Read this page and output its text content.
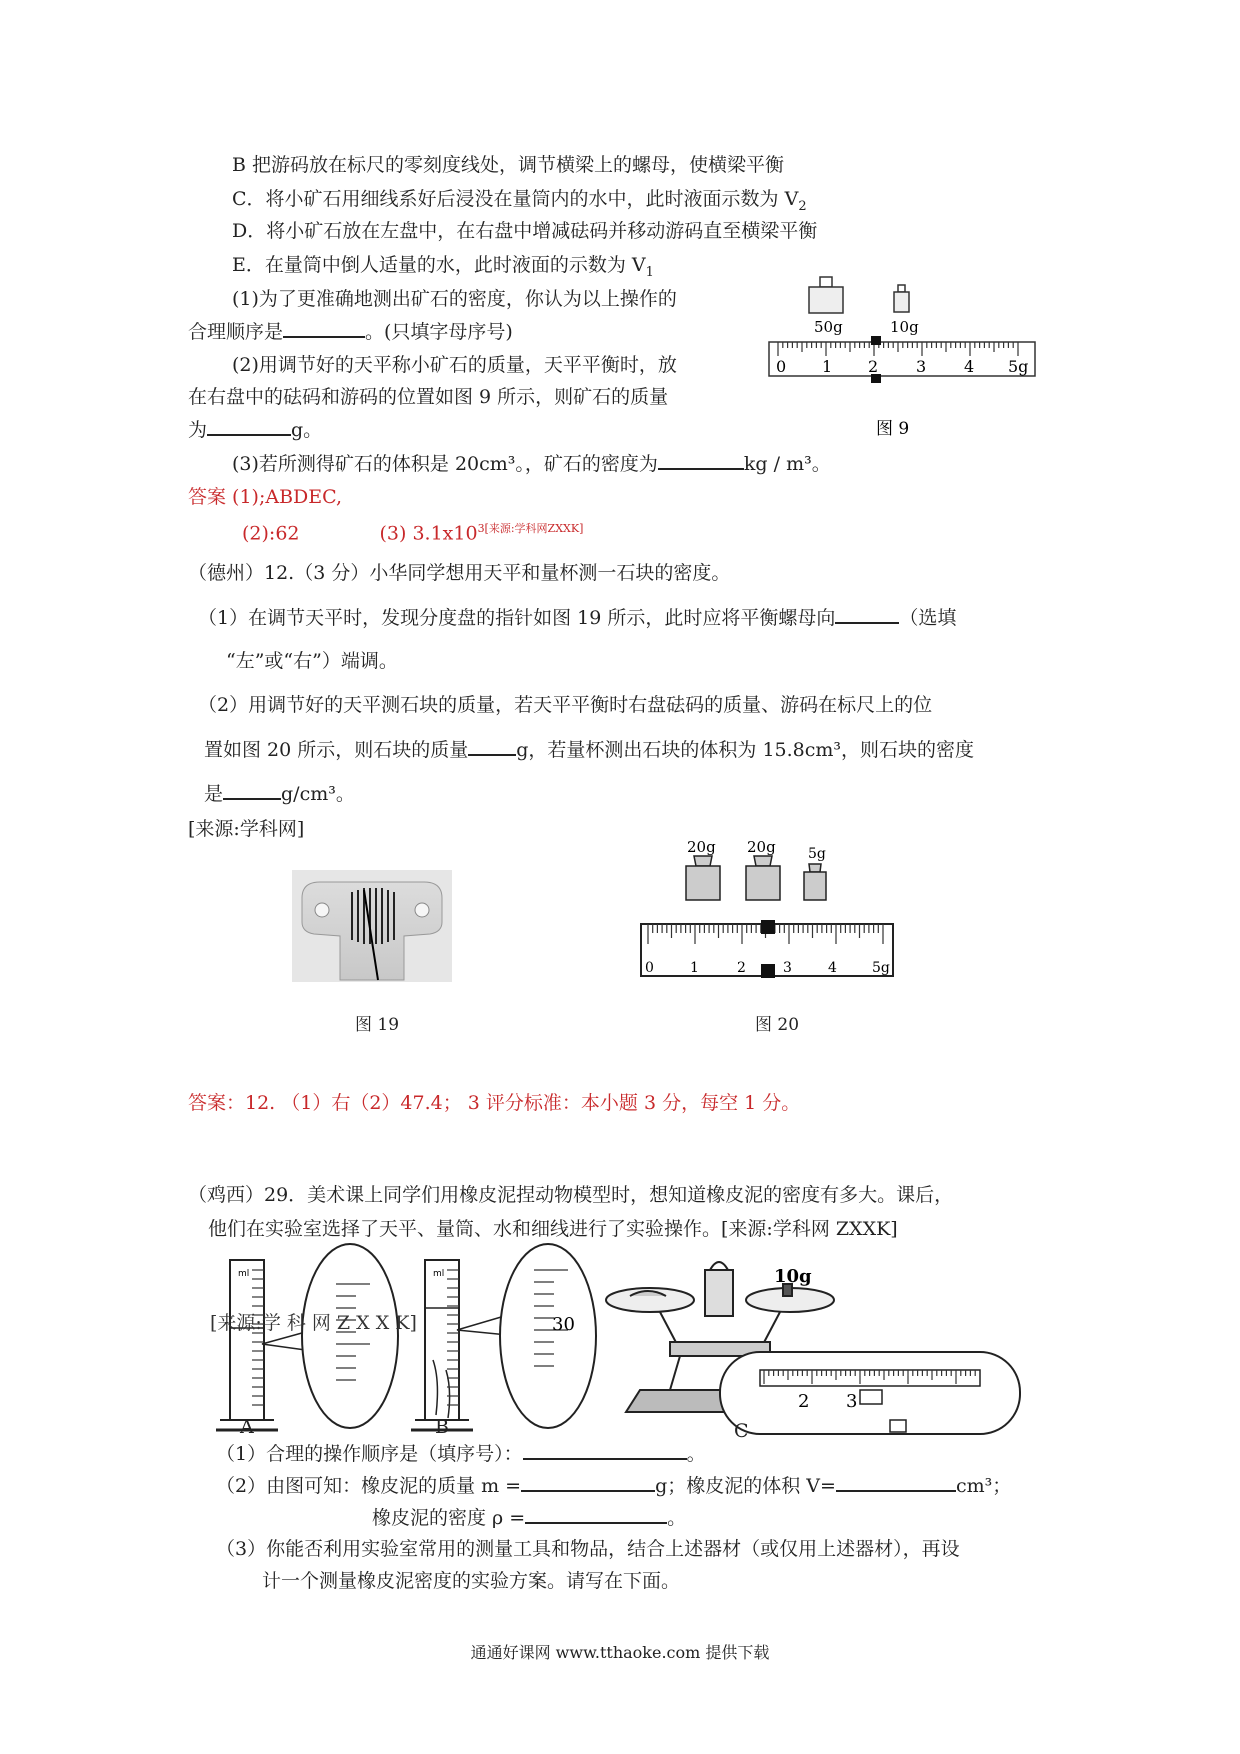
B 把游码放在标尺的零刻度线处，调节横梁上的螺母，使横梁平衡
C．将小矿石用细线系好后浸没在量筒内的水中，此时液面示数为 $V_2$
D．将小矿石放在左盘中，在右盘中增减砝码并移动游码直至横梁平衡
E．在量筒中倒人适量的水，此时液面的示数为 $V_1$
(1)为了更准确地测出矿石的密度，你认为以上操作的
合理顺序是	。(只填字母序号)
(2)用调节好的天平称小矿石的质量，天平平衡时，放
在右盘中的砝码和游码的位置如图 9 所示，则矿石的质量
为	g。
(3)若所测得矿石的体积是 20cm³。，矿石的密度为	kg / m³。
答案 (1);ABDEC,
(2):62	(3) $3.1x10^{3[来源:学科网ZXXK]}$
50g	10g
0 1 2 3 4 5g
图 9
（德州）12.（3 分）小华同学想用天平和量杯测一石块的密度。
（1）在调节天平时，发现分度盘的指针如图 19 所示，此时应将平衡螺母向	（选填
“左”或“右”）端调。
（2）用调节好的天平测石块的质量，若天平平衡时右盘砝码的质量、游码在标尺上的位
置如图 20 所示，则石块的质量	g，若量杯测出石块的体积为 15.8cm³，则石块的密度
是	g/cm³。
[来源:学科网]
图 19
20g 20g 5g
0	1	2	3	4	5g
图 20
答案：12. （1）右（2）47.4； 3 评分标准：本小题 3 分，每空 1 分。
（鸡西）29．美术课上同学们用橡皮泥捏动物模型时，想知道橡皮泥的密度有多大。课后，
他们在实验室选择了天平、量筒、水和细线进行了实验操作。[来源:学科网 ZXXK]
ml	ml
30
10g
2 3
[来源:学 科 网 Z X X K]
A	B	C
（1）合理的操作顺序是（填序号）：	。
（2）由图可知：橡皮泥的质量 m =	g；橡皮泥的体积 V=	cm³；
橡皮泥的密度 ρ =	。
（3）你能否利用实验室常用的测量工具和物品，结合上述器材（或仅用上述器材），再设
计一个测量橡皮泥密度的实验方案。请写在下面。
通通好课网 www.tthaoke.com 提供下载
